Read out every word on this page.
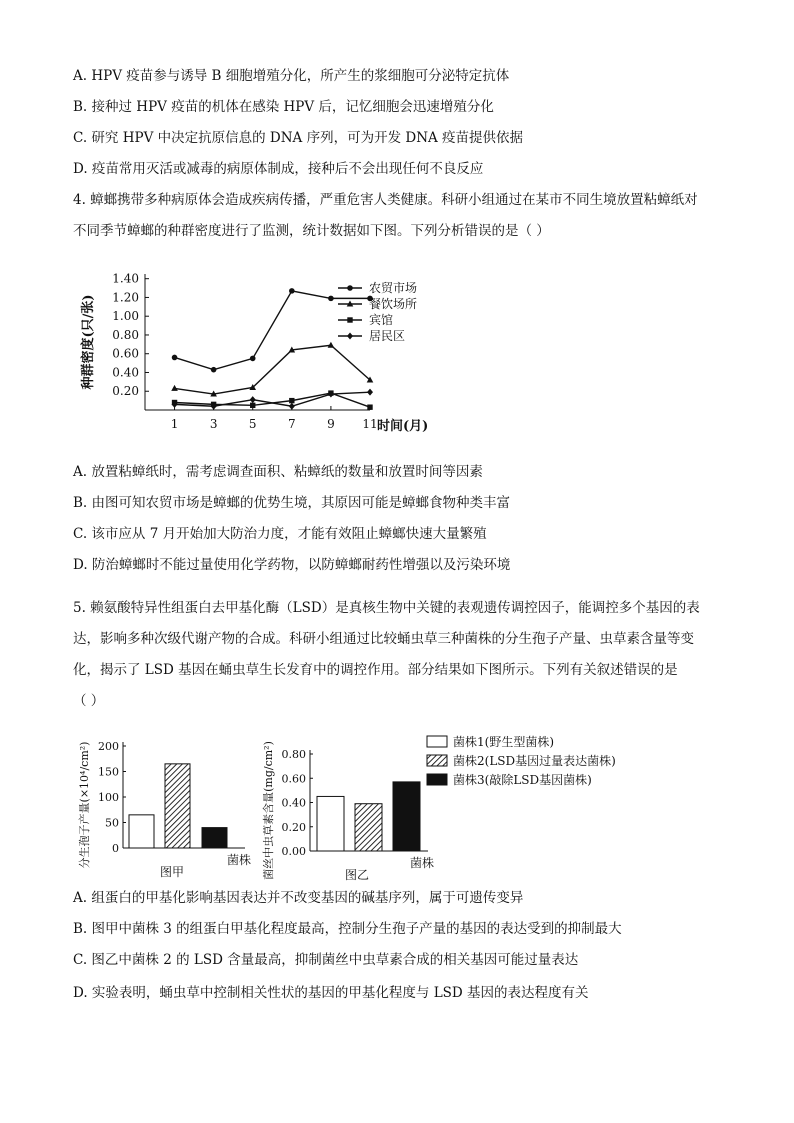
A. HPV 疫苗参与诱导 B 细胞增殖分化，所产生的浆细胞可分泌特定抗体
B. 接种过 HPV 疫苗的机体在感染 HPV 后，记忆细胞会迅速增殖分化
C. 研究 HPV 中决定抗原信息的 DNA 序列，可为开发 DNA 疫苗提供依据
D. 疫苗常用灭活或减毒的病原体制成，接种后不会出现任何不良反应
4. 蟑螂携带多种病原体会造成疾病传播，严重危害人类健康。科研小组通过在某市不同生境放置粘蟑纸对
不同季节蟑螂的种群密度进行了监测，统计数据如下图。下列分析错误的是（ ）
0.20
0.40
0.60
0.80
1.00
1.20
1.40
1	3	5	7	9 11 时间(月)
种群密度(只/张)
农贸市场
餐饮场所
宾馆
居民区
A. 放置粘蟑纸时，需考虑调查面积、粘蟑纸的数量和放置时间等因素
B. 由图可知农贸市场是蟑螂的优势生境，其原因可能是蟑螂食物种类丰富
C. 该市应从 7 月开始加大防治力度，才能有效阻止蟑螂快速大量繁殖
D. 防治蟑螂时不能过量使用化学药物，以防蟑螂耐药性增强以及污染环境
5. 赖氨酸特异性组蛋白去甲基化酶（LSD）是真核生物中关键的表观遗传调控因子，能调控多个基因的表
达，影响多种次级代谢产物的合成。科研小组通过比较蛹虫草三种菌株的分生孢子产量、虫草素含量等变
化，揭示了 LSD 基因在蛹虫草生长发育中的调控作用。部分结果如下图所示。下列有关叙述错误的是
（ ）
0
50
100
150
200
菌株
图甲
分生孢子产量(×10⁴/cm²)	0.00
0.20
0.40
0.60
0.80
菌株
图乙
菌丝中虫草素含量(mg/cm²)	菌株1(野生型菌株)
菌株2(LSD基因过量表达菌株)
菌株3(敲除LSD基因菌株)
A. 组蛋白的甲基化影响基因表达并不改变基因的碱基序列，属于可遗传变异
B. 图甲中菌株 3 的组蛋白甲基化程度最高，控制分生孢子产量的基因的表达受到的抑制最大
C. 图乙中菌株 2 的 LSD 含量最高，抑制菌丝中虫草素合成的相关基因可能过量表达
D. 实验表明，蛹虫草中控制相关性状的基因的甲基化程度与 LSD 基因的表达程度有关
